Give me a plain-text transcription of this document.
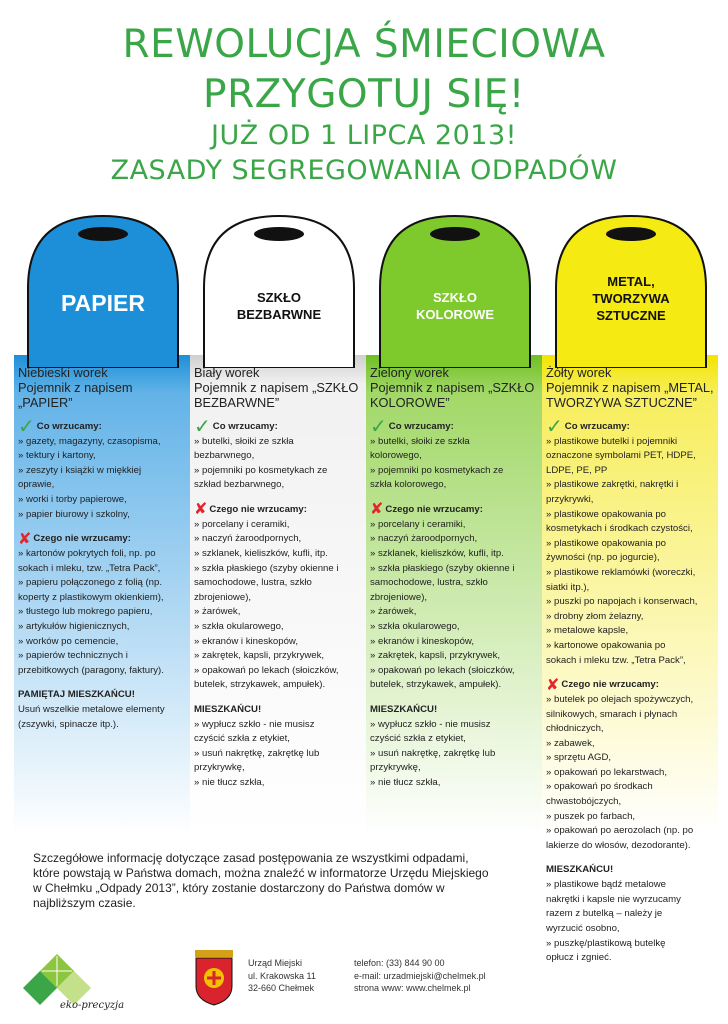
REWOLUCJA ŚMIECIOWA
PRZYGOTUJ SIĘ!
JUŻ OD 1 LIPCA 2013!
ZASADY SEGREGOWANIA ODPADÓW
PAPIER	SZKŁO
BEZBARWNE
SZKŁO
KOLOROWE
METAL,
TWORZYWA
SZTUCZNE
Niebieski worek
Pojemnik z napisem
„PAPIER”
✓ Co wrzucamy:
» gazety, magazyny, czasopisma,
» tektury i kartony,
» zeszyty i książki w miękkiej
oprawie,
» worki i torby papierowe,
» papier biurowy i szkolny,
✘ Czego nie wrzucamy:
» kartonów pokrytych foli, np. po
sokach i mleku, tzw. „Tetra Pack”,
» papieru połączonego z folią (np.
koperty z plastikowym okienkiem),
» tłustego lub mokrego papieru,
» artykułów higienicznych,
» worków po cemencie,
» papierów technicznych i
przebitkowych (paragony, faktury).
PAMIĘTAJ MIESZKAŃCU!
Usuń wszelkie metalowe elementy
(zszywki, spinacze itp.).
Biały worek
Pojemnik z napisem „SZKŁO
BEZBARWNE”
✓ Co wrzucamy:
» butelki, słoiki ze szkła
bezbarwnego,
» pojemniki po kosmetykach ze
szkład bezbarwnego,
✘ Czego nie wrzucamy:
» porcelany i ceramiki,
» naczyń żaroodpornych,
» szklanek, kieliszków, kufli, itp.
» szkła płaskiego (szyby okienne i
samochodowe, lustra, szkło
zbrojeniowe),
» żarówek,
» szkła okularowego,
» ekranów i kineskopów,
» zakrętek, kapsli, przykrywek,
» opakowań po lekach (słoiczków,
butelek, strzykawek, ampułek).
MIESZKAŃCU!
» wypłucz szkło - nie musisz
czyścić szkła z etykiet,
» usuń nakrętkę, zakrętkę lub
przykrywkę,
» nie tłucz szkła,
Zielony worek
Pojemnik z napisem „SZKŁO
KOLOROWE”
✓ Co wrzucamy:
» butelki, słoiki ze szkła
kolorowego,
» pojemniki po kosmetykach ze
szkła kolorowego,
✘ Czego nie wrzucamy:
» porcelany i ceramiki,
» naczyń żaroodpornych,
» szklanek, kieliszków, kufli, itp.
» szkła płaskiego (szyby okienne i
samochodowe, lustra, szkło
zbrojeniowe),
» żarówek,
» szkła okularowego,
» ekranów i kineskopów,
» zakrętek, kapsli, przykrywek,
» opakowań po lekach (słoiczków,
butelek, strzykawek, ampułek).
MIESZKAŃCU!
» wypłucz szkło - nie musisz
czyścić szkła z etykiet,
» usuń nakrętkę, zakrętkę lub
przykrywkę,
» nie tłucz szkła,
Żółty worek
Pojemnik z napisem „METAL,
TWORZYWA SZTUCZNE”
✓ Co wrzucamy:
» plastikowe butelki i pojemniki
oznaczone symbolami PET, HDPE,
LDPE, PE, PP
» plastikowe zakrętki, nakrętki i
przykrywki,
» plastikowe opakowania po
kosmetykach i środkach czystości,
» plastikowe opakowania po
żywności (np. po jogurcie),
» plastikowe reklamówki (woreczki,
siatki itp.),
» puszki po napojach i konserwach,
» drobny złom żelazny,
» metalowe kapsle,
» kartonowe opakowania po
sokach i mleku tzw. „Tetra Pack”,
✘ Czego nie wrzucamy:
» butelek po olejach spożywczych,
silnikowych, smarach i płynach
chłodniczych,
» zabawek,
» sprzętu AGD,
» opakowań po lekarstwach,
» opakowań po środkach
chwastobójczych,
» puszek po farbach,
» opakowań po aerozolach (np. po
lakierze do włosów, dezodorante).
MIESZKAŃCU!
» plastikowe bądź metalowe
nakrętki i kapsle nie wyrzucamy
razem z butelką – należy je
wyrzucić osobno,
» puszkę/plastikową butelkę
opłucz i zgnieć.
Szczegółowe informację dotyczące zasad postępowania ze wszystkimi odpadami, które powstają w Państwa domach, można znaleźć w informatorze Urzędu Miejskiego w Chełmku „Odpady 2013”, który zostanie dostarczony do Państwa domów w najbliższym czasie.
eko-precyzja
Urząd Miejski
ul. Krakowska 11
32-660 Chełmek
telefon: (33) 844 90 00
e-mail: urzadmiejski@chelmek.pl
strona www: www.chelmek.pl
